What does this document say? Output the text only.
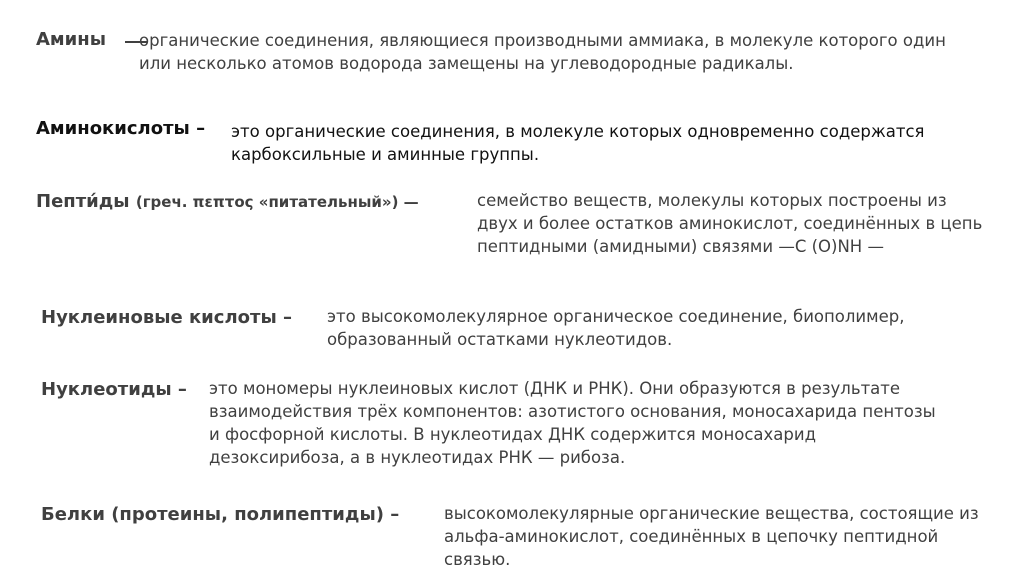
Амины органические соединения, являющиеся производными аммиака, в молекуле которого один или несколько атомов водорода замещены на углеводородные радикалы.
Аминокислоты – это органические соединения, в молекуле которых одновременно содержатся карбоксильные и аминные группы.
Пепти́ды (греч. πεπτος «питательный») —	семейство веществ, молекулы которых построены из двух и более остатков аминокислот, соединённых в цепь пептидными (амидными) связями —C (O)NH —
Нуклеиновые кислоты – это высокомолекулярное органическое соединение, биополимер, образованный остатками нуклеотидов.
Нуклеотиды – это мономеры нуклеиновых кислот (ДНК и РНК). Они образуются в результате взаимодействия трёх компонентов: азотистого основания, моносахарида пентозы и фосфорной кислоты. В нуклеотидах ДНК содержится моносахарид дезоксирибоза, а в нуклеотидах РНК — рибоза.
Белки (протеины, полипептиды) –	высокомолекулярные органические вещества, состоящие из альфа-аминокислот, соединённых в цепочку пептидной связью.
